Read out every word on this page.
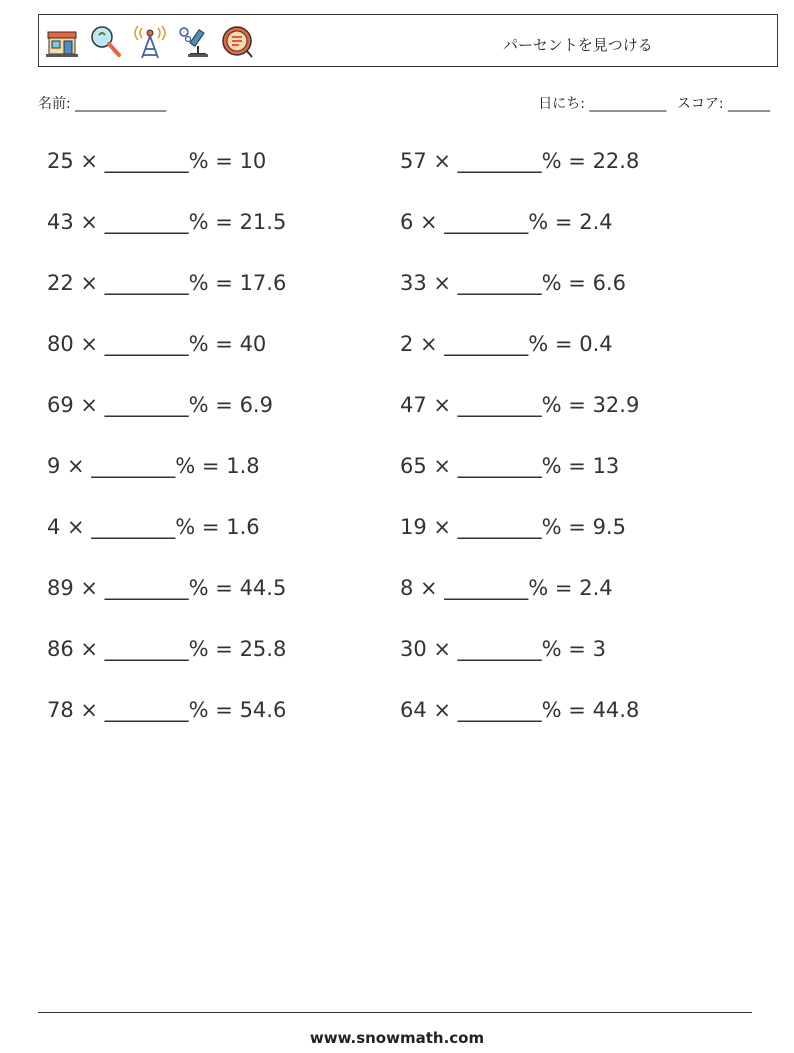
パーセントを見つける
名前: _____________	日にち: ___________ スコア: ______
25 × ________% = 10
43 × ________% = 21.5
22 × ________% = 17.6
80 × ________% = 40
69 × ________% = 6.9
9 × ________% = 1.8
4 × ________% = 1.6
89 × ________% = 44.5
86 × ________% = 25.8
78 × ________% = 54.6
57 × ________% = 22.8
6 × ________% = 2.4
33 × ________% = 6.6
2 × ________% = 0.4
47 × ________% = 32.9
65 × ________% = 13
19 × ________% = 9.5
8 × ________% = 2.4
30 × ________% = 3
64 × ________% = 44.8
www.snowmath.com
